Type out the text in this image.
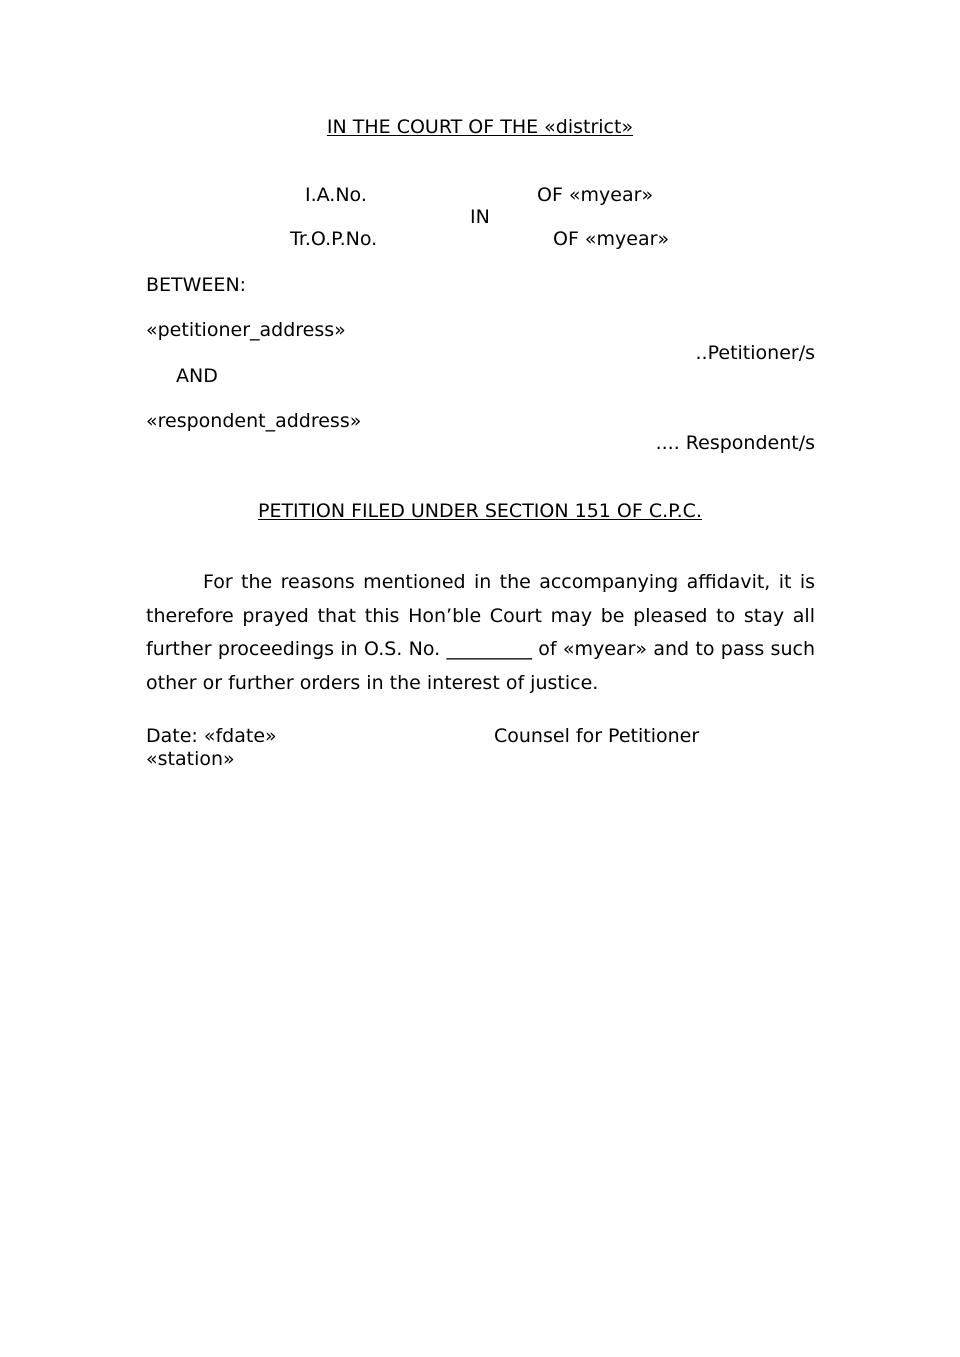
IN THE COURT OF THE «district»
I.A.No.	OF «myear»
IN
Tr.O.P.No.	OF «myear»
BETWEEN:
«petitioner_address»
..Petitioner/s
AND
«respondent_address»
.... Respondent/s
PETITION FILED UNDER SECTION 151 OF C.P.C.
For the reasons mentioned in the accompanying affidavit, it is therefore prayed that this Hon’ble Court may be pleased to stay all further proceedings in O.S. No. _________ of «myear» and to pass such other or further orders in the interest of justice.
Date: «fdate»	Counsel for Petitioner
«station»
